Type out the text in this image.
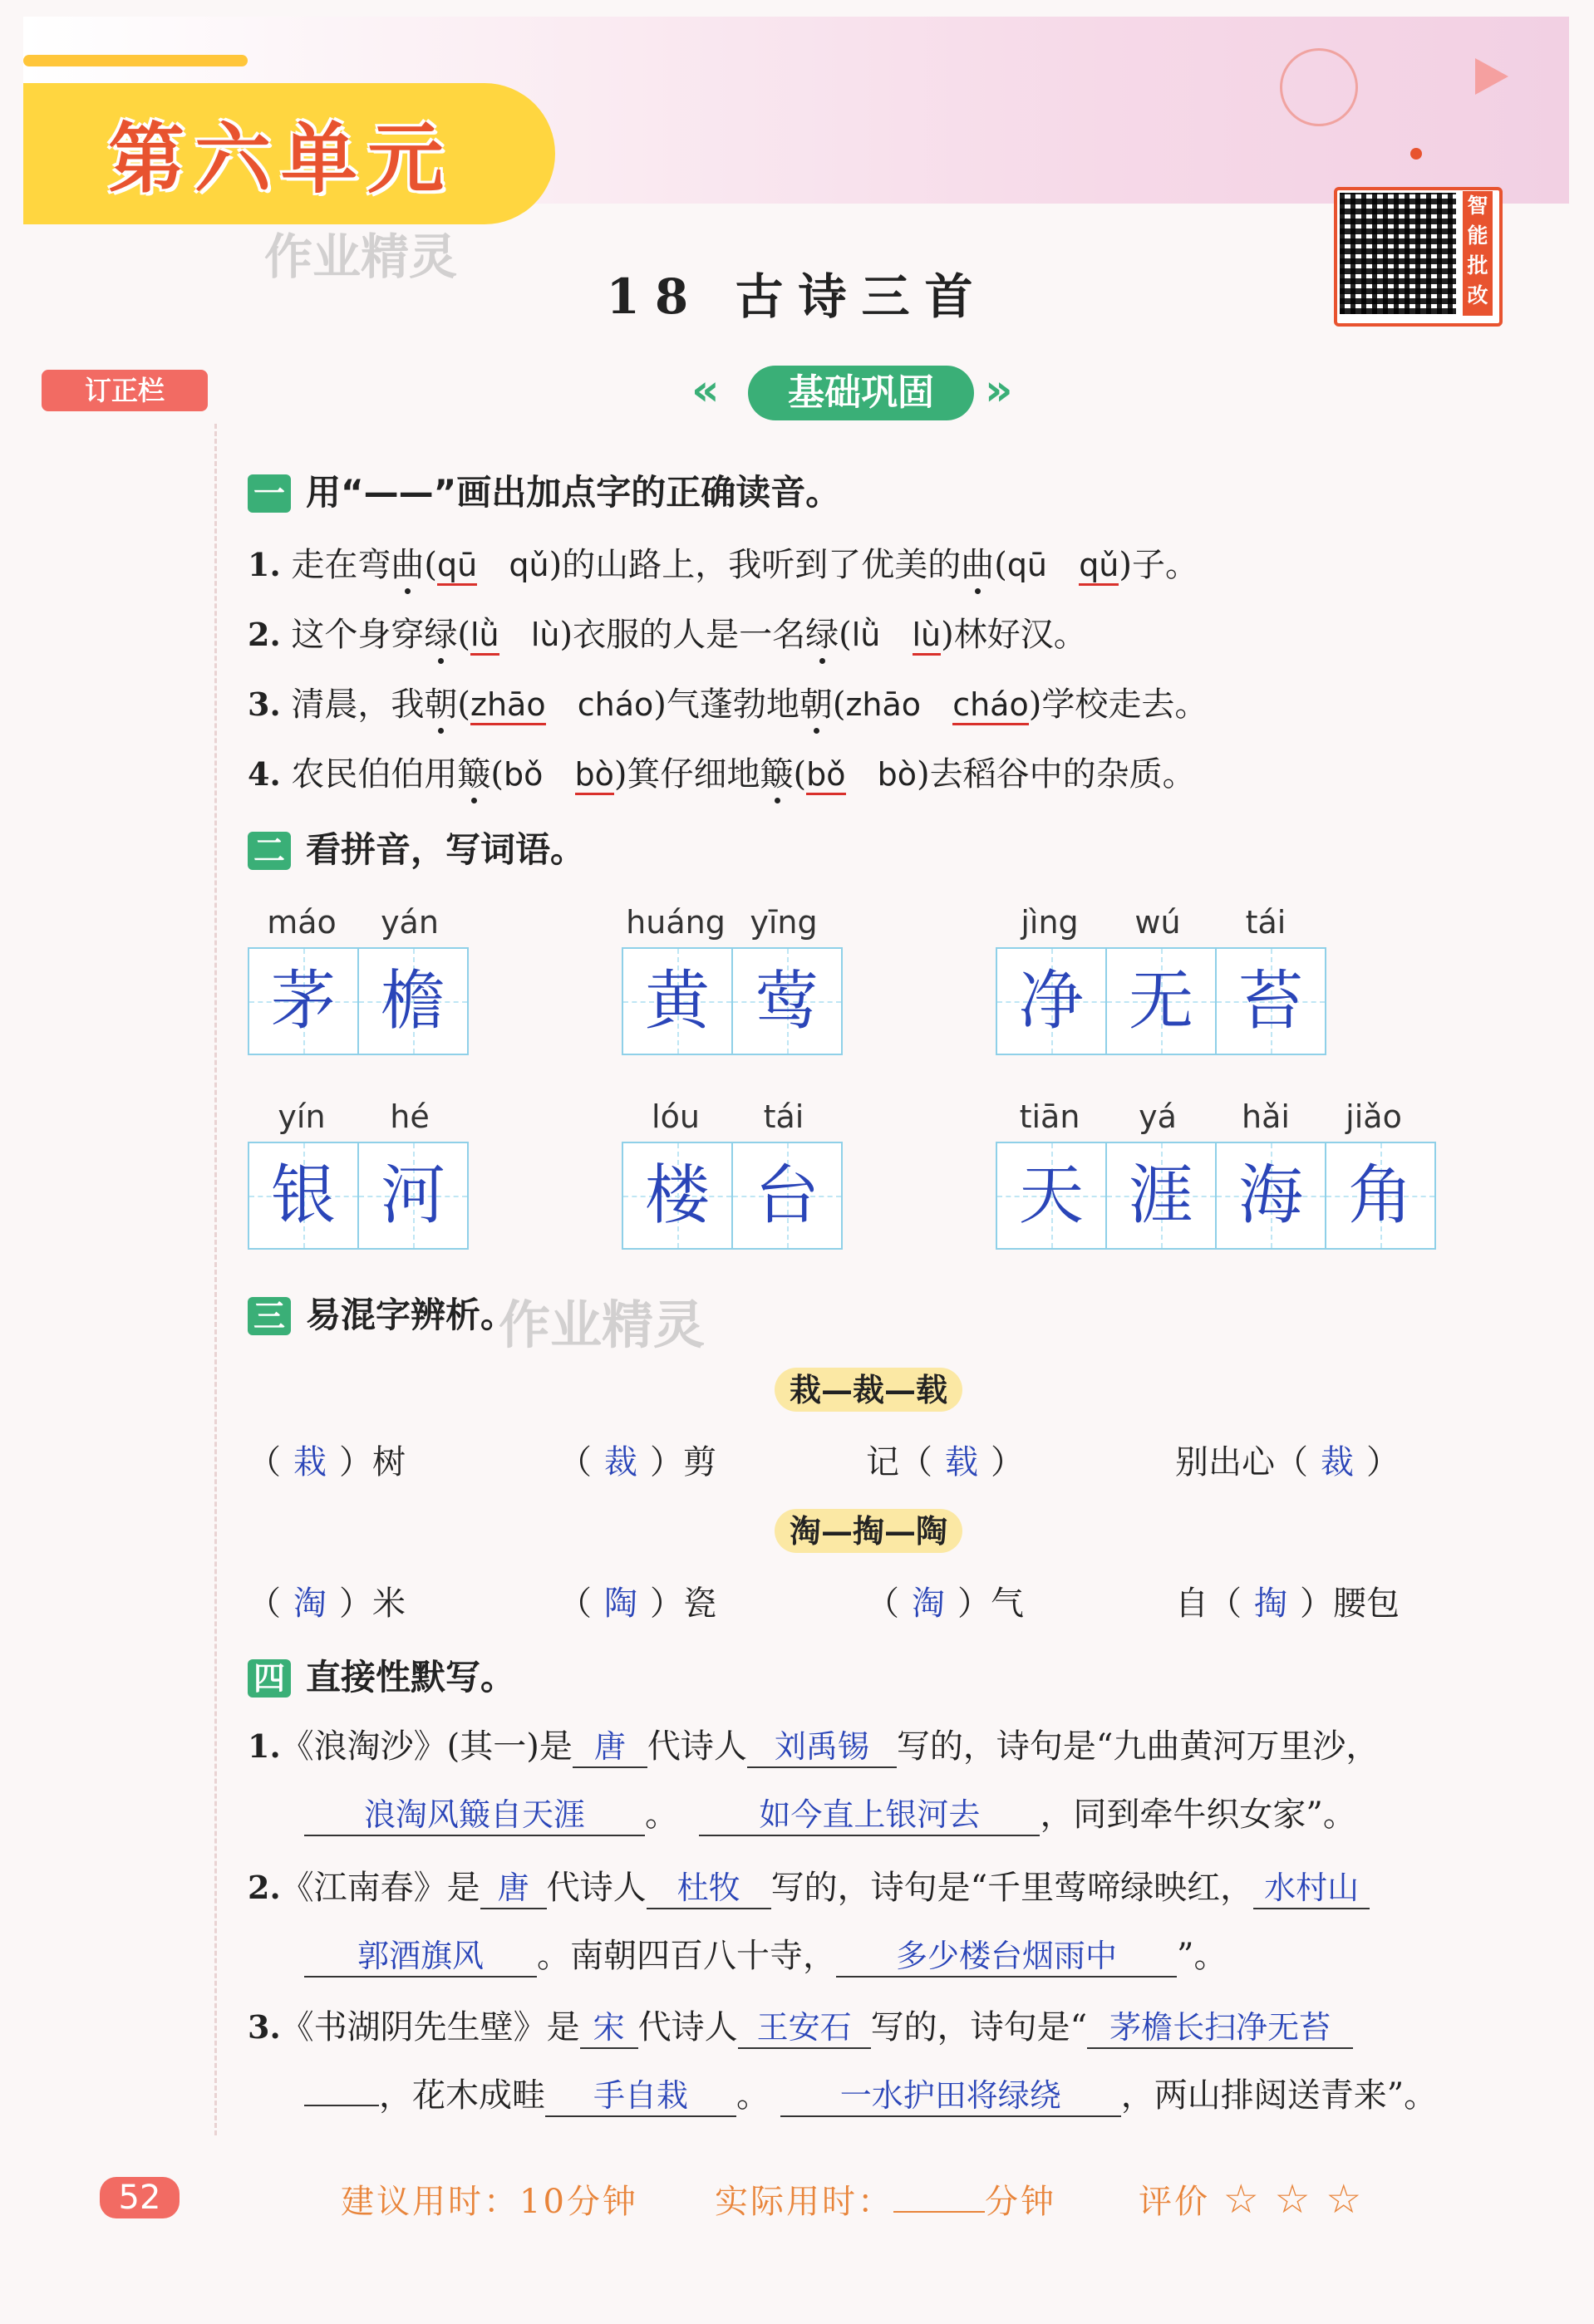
第六单元
作业精灵
智
能
批
改
18 古诗三首
订正栏	«	基础巩固	»
一 用“——”画出加点字的正确读音。
1. 走在弯曲(qū qǔ)的山路上，我听到了优美的曲(qū qǔ)子。
2. 这个身穿绿(lǜ lù)衣服的人是一名绿(lǜ lù)林好汉。
3. 清晨，我朝(zhāo cháo)气蓬勃地朝(zhāo cháo)学校走去。
4. 农民伯伯用簸(bǒ bò)箕仔细地簸(bǒ bò)去稻谷中的杂质。
二 看拼音，写词语。
máo	yán
茅 檐
huáng yīng
黄 莺
jìng	wú	tái
净 无 苔
yín	hé
银 河
lóu	tái
楼 台
tiān	yá	hǎi	jiǎo
天 涯 海 角
三 易混字辨析。
作业精灵
栽—裁—载
（ 栽 ）树	（ 裁 ）剪	记（ 载 ）	别出心（ 裁 ）
淘—掏—陶
（ 淘 ）米	（ 陶 ）瓷	（ 淘 ）气	自（ 掏 ）腰包
四 直接性默写。
1.《浪淘沙》(其一)是 唐 代诗人 刘禹锡 写的，诗句是“九曲黄河万里沙，
浪淘风簸自天涯 。	如今直上银河去 ，同到牵牛织女家”。
2.《江南春》是 唐 代诗人 杜牧 写的，诗句是“千里莺啼绿映红， 水村山
郭酒旗风 。南朝四百八十寺， 多少楼台烟雨中 ”。
3.《书湖阴先生壁》是 宋 代诗人 王安石 写的，诗句是“ 茅檐长扫净无苔
，花木成畦 手自栽 。 一水护田将绿绕 ，两山排闼送青来”。
52	建议用时：10分钟 实际用时：	分钟 评价 ☆ ☆ ☆
